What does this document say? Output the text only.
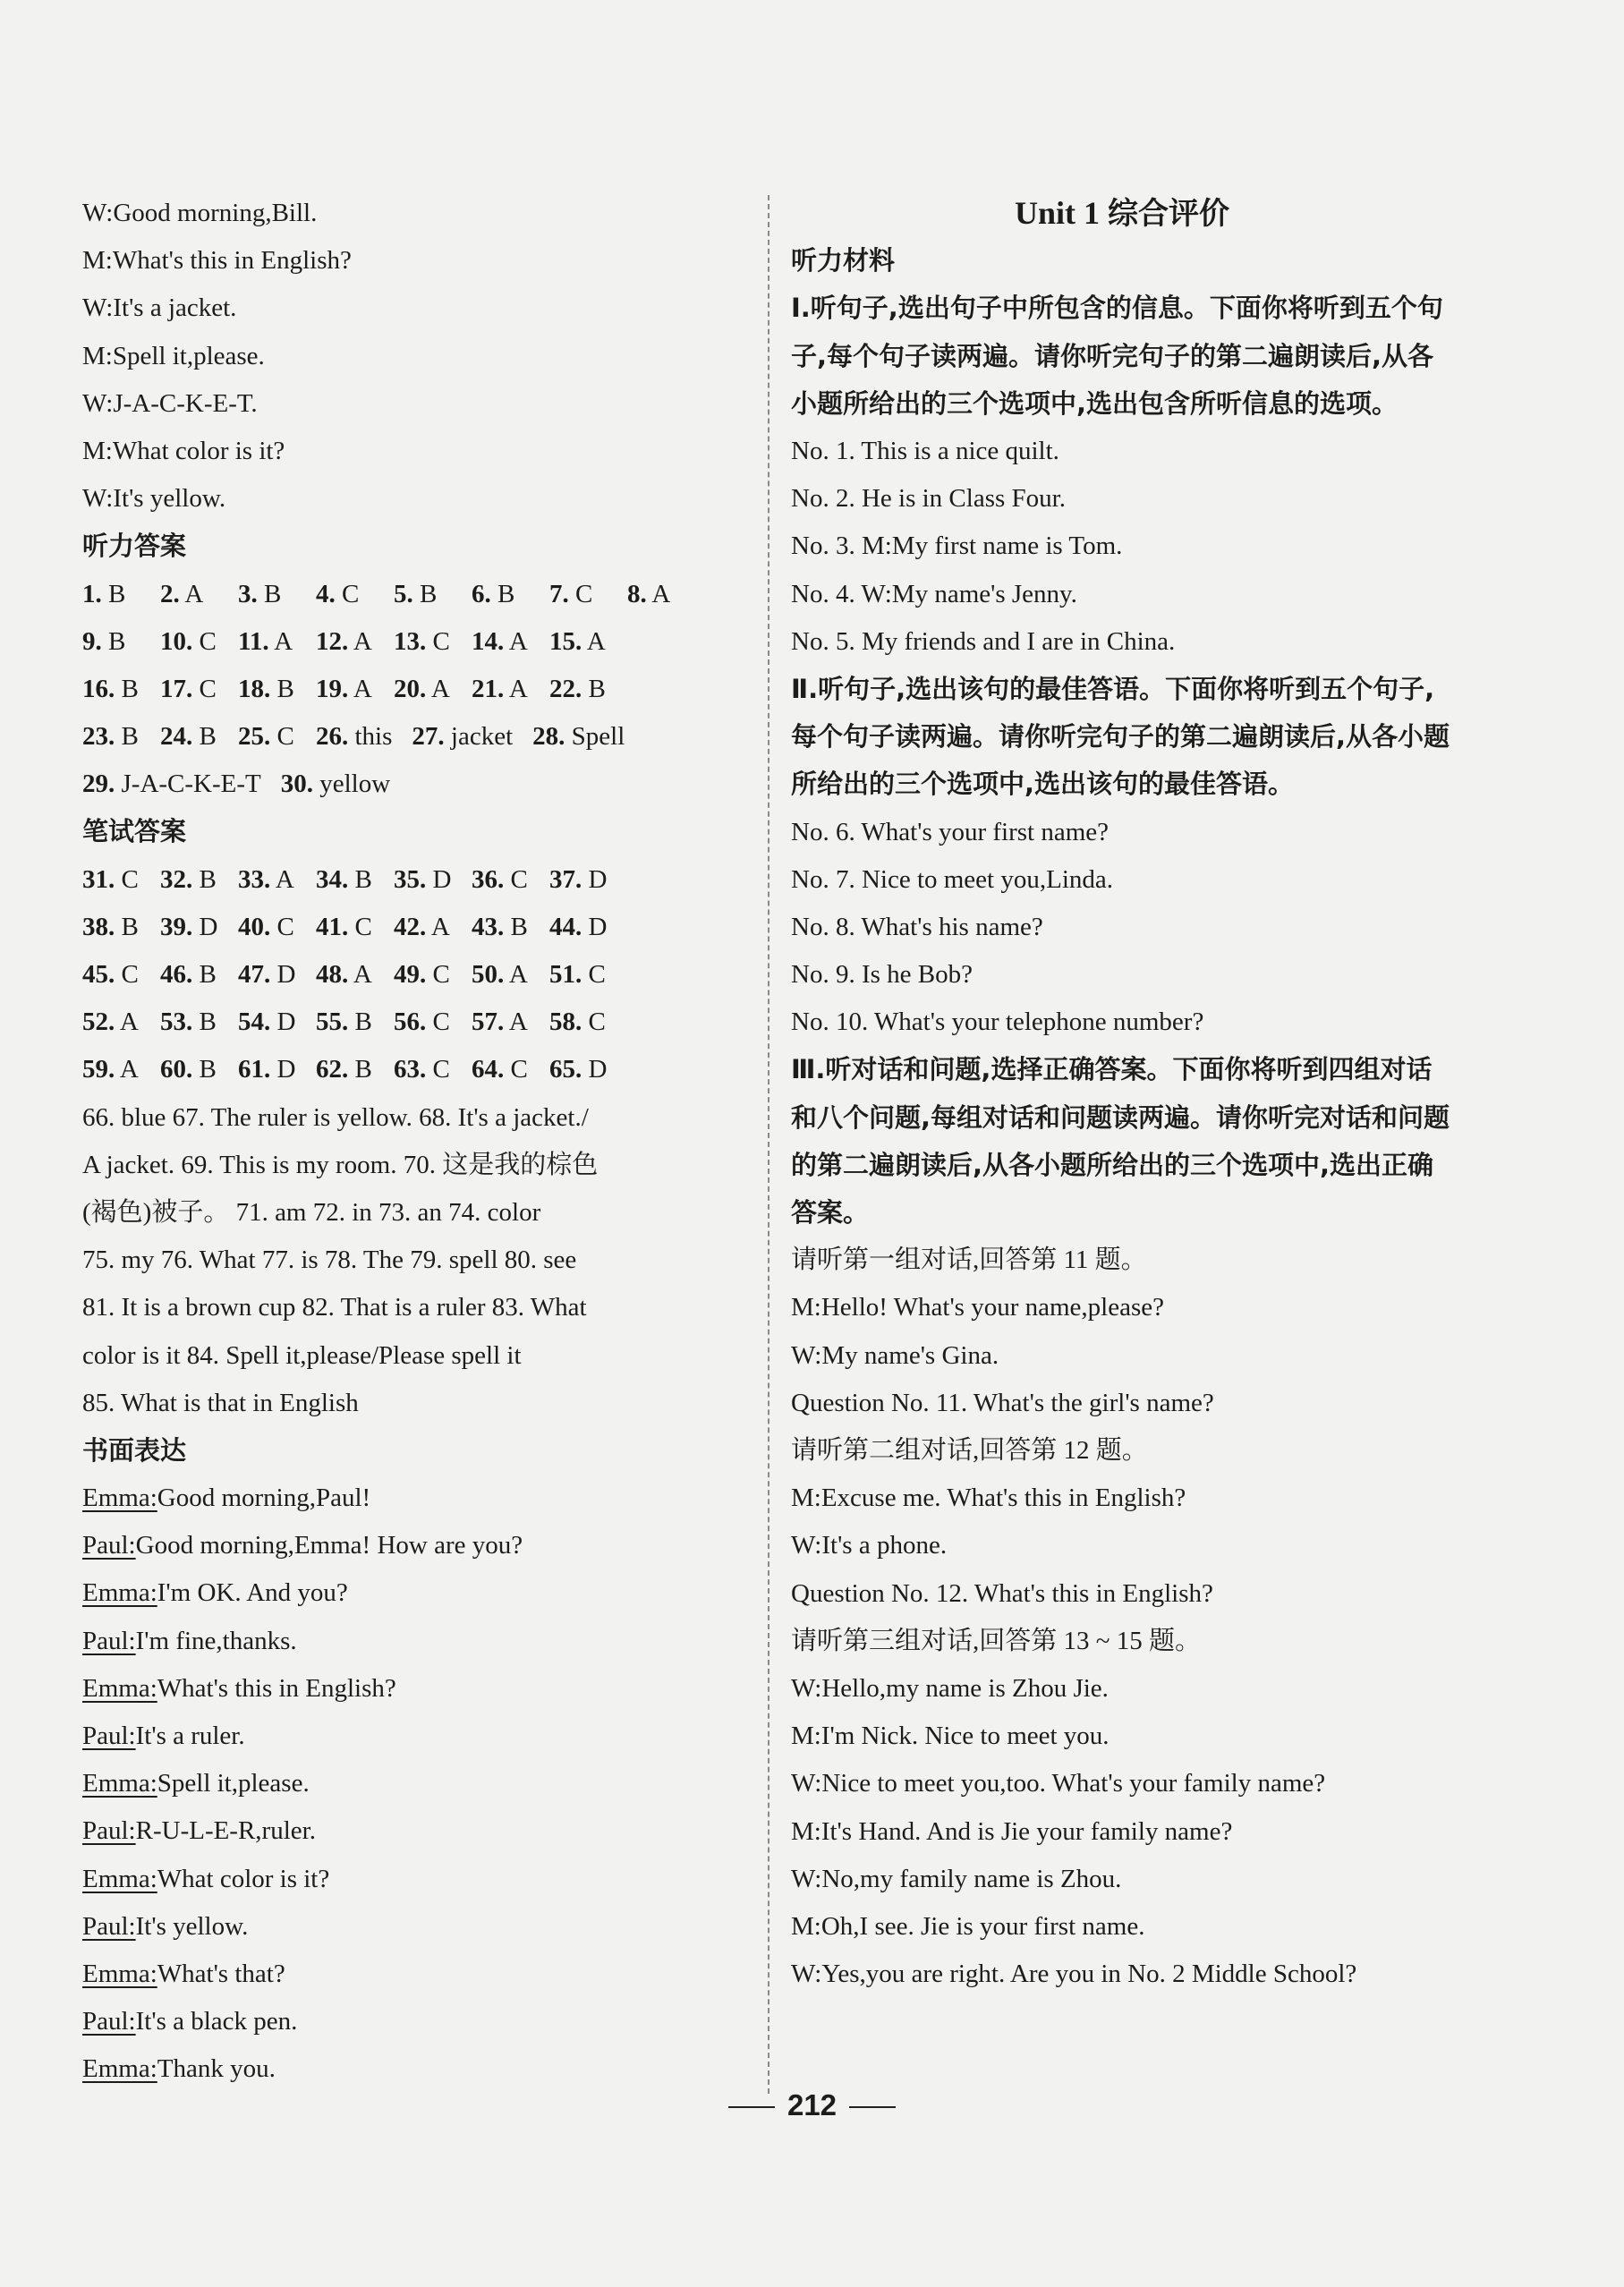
W:Good morning,Bill.
M:What's this in English?
W:It's a jacket.
M:Spell it,please.
W:J-A-C-K-E-T.
M:What color is it?
W:It's yellow.
听力答案
1. B	2. A	3. B	4. C	5. B	6. B	7. C	8. A
9. B	10. C 11. A 12. A 13. C 14. A 15. A
16. B 17. C 18. B 19. A 20. A 21. A 22. B
23. B 24. B 25. C 26. this 27. jacket 28. Spell
29. J-A-C-K-E-T 30. yellow
笔试答案
31. C 32. B 33. A 34. B 35. D 36. C 37. D
38. B 39. D 40. C 41. C 42. A 43. B 44. D
45. C 46. B 47. D 48. A 49. C 50. A 51. C
52. A 53. B 54. D 55. B 56. C 57. A 58. C
59. A 60. B 61. D 62. B 63. C 64. C 65. D
66. blue 67. The ruler is yellow. 68. It's a jacket./
A jacket. 69. This is my room. 70. 这是我的棕色
(褐色)被子。 71. am 72. in 73. an 74. color
75. my 76. What 77. is 78. The 79. spell 80. see
81. It is a brown cup 82. That is a ruler 83. What
color is it 84. Spell it,please/Please spell it
85. What is that in English
书面表达
Emma:Good morning,Paul!
Paul:Good morning,Emma! How are you?
Emma:I'm OK. And you?
Paul:I'm fine,thanks.
Emma:What's this in English?
Paul:It's a ruler.
Emma:Spell it,please.
Paul:R-U-L-E-R,ruler.
Emma:What color is it?
Paul:It's yellow.
Emma:What's that?
Paul:It's a black pen.
Emma:Thank you.
Unit 1 综合评价
听力材料
Ⅰ.听句子,选出句子中所包含的信息。下面你将听到五个句子,每个句子读两遍。请你听完句子的第二遍朗读后,从各小题所给出的三个选项中,选出包含所听信息的选项。
No. 1. This is a nice quilt.
No. 2. He is in Class Four.
No. 3. M:My first name is Tom.
No. 4. W:My name's Jenny.
No. 5. My friends and I are in China.
Ⅱ.听句子,选出该句的最佳答语。下面你将听到五个句子,每个句子读两遍。请你听完句子的第二遍朗读后,从各小题所给出的三个选项中,选出该句的最佳答语。
No. 6. What's your first name?
No. 7. Nice to meet you,Linda.
No. 8. What's his name?
No. 9. Is he Bob?
No. 10. What's your telephone number?
Ⅲ.听对话和问题,选择正确答案。下面你将听到四组对话和八个问题,每组对话和问题读两遍。请你听完对话和问题的第二遍朗读后,从各小题所给出的三个选项中,选出正确答案。
请听第一组对话,回答第 11 题。
M:Hello! What's your name,please?
W:My name's Gina.
Question No. 11. What's the girl's name?
请听第二组对话,回答第 12 题。
M:Excuse me. What's this in English?
W:It's a phone.
Question No. 12. What's this in English?
请听第三组对话,回答第 13 ~ 15 题。
W:Hello,my name is Zhou Jie.
M:I'm Nick. Nice to meet you.
W:Nice to meet you,too. What's your family name?
M:It's Hand. And is Jie your family name?
W:No,my family name is Zhou.
M:Oh,I see. Jie is your first name.
W:Yes,you are right. Are you in No. 2 Middle School?
212
